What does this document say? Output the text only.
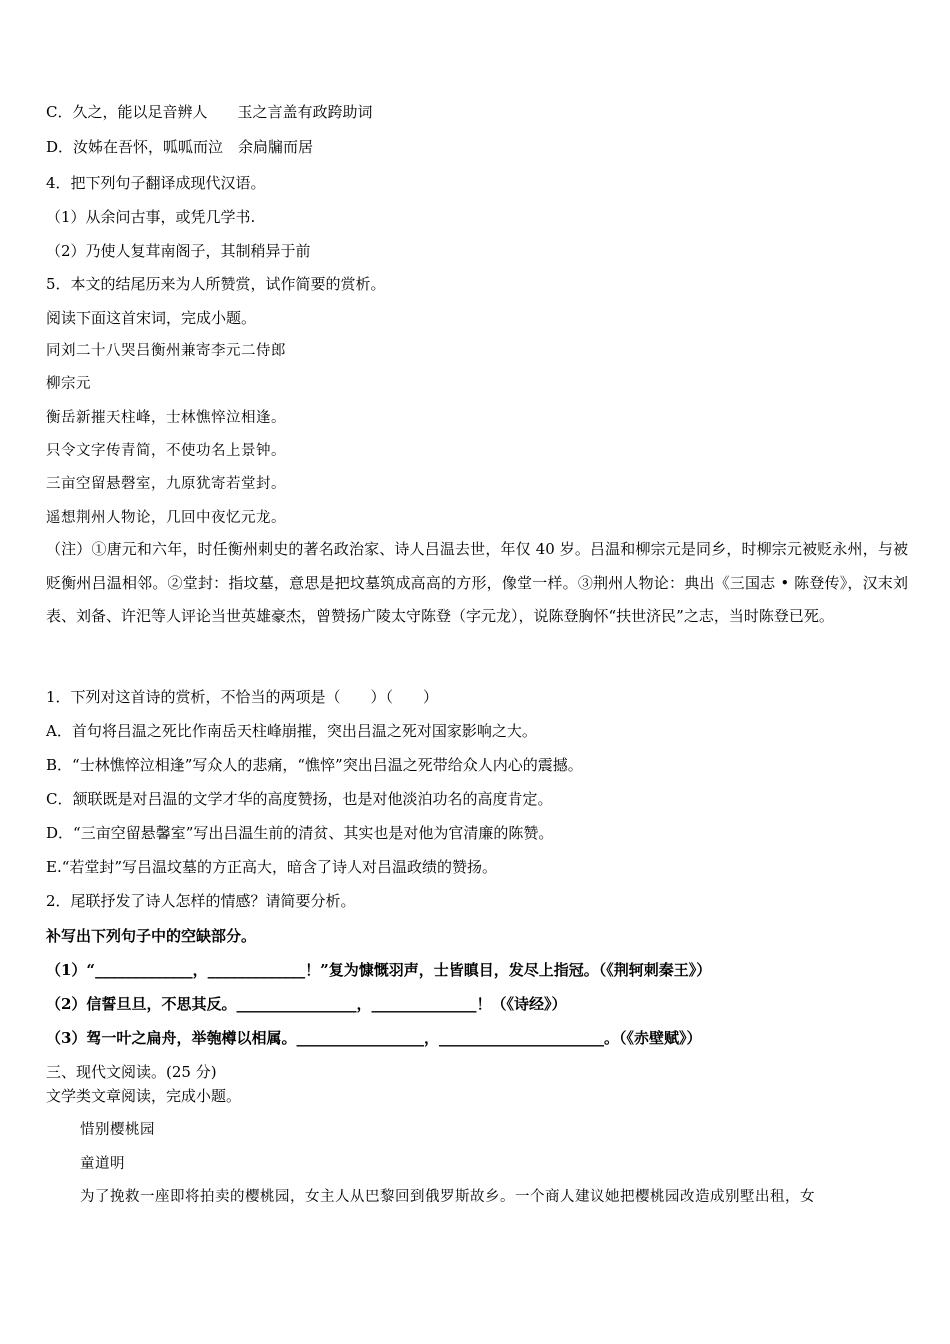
C．久之，能以足音辨人　　玉之言盖有政跨助词
D．汝姊在吾怀，呱呱而泣　余扃牖而居
4．把下列句子翻译成现代汉语。
（1）从余问古事，或凭几学书.
（2）乃使人复茸南阁子，其制稍异于前
5．本文的结尾历来为人所赞赏，试作简要的赏析。
阅读下面这首宋词，完成小题。
同刘二十八哭吕衡州兼寄李元二侍郎
柳宗元
衡岳新摧天柱峰，士林憔悴泣相逢。
只令文字传青简，不使功名上景钟。
三亩空留悬磬室，九原犹寄若堂封。
遥想荆州人物论，几回中夜忆元龙。
（注）①唐元和六年，时任衡州刺史的著名政治家、诗人吕温去世，年仅 40 岁。吕温和柳宗元是同乡，时柳宗元被贬永州，与被贬衡州吕温相邻。②堂封：指坟墓，意思是把坟墓筑成高高的方形，像堂一样。③荆州人物论：典出《三国志 • 陈登传》，汉末刘表、刘备、许汜等人评论当世英雄豪杰，曾赞扬广陵太守陈登（字元龙），说陈登胸怀“扶世济民”之志，当时陈登已死。
1．下列对这首诗的赏析，不恰当的两项是（　　）（　　）
A．首句将吕温之死比作南岳天柱峰崩摧，突出吕温之死对国家影响之大。
B．“士林憔悴泣相逢”写众人的悲痛，“憔悴”突出吕温之死带给众人内心的震撼。
C．颔联既是对吕温的文学才华的高度赞扬，也是对他淡泊功名的高度肯定。
D．“三亩空留悬馨室”写出吕温生前的清贫、其实也是对他为官清廉的陈赞。
E.“若堂封”写吕温坟墓的方正高大，暗含了诗人对吕温政绩的赞扬。
2．尾联抒发了诗人怎样的情感？请简要分析。
补写出下列句子中的空缺部分。
（1）“_____________，_____________！”复为慷慨羽声，士皆瞋目，发尽上指冠。（《荆轲刺秦王》）
（2）信誓旦旦，不思其反。________________，______________！（《诗经》）
（3）驾一叶之扁舟，举匏樽以相属。_________________，______________________。（《赤壁赋》）
三、现代文阅读。(25 分)
文学类文章阅读，完成小题。
惜别樱桃园
童道明
为了挽救一座即将拍卖的樱桃园，女主人从巴黎回到俄罗斯故乡。一个商人建议她把樱桃园改造成别墅出租，女
